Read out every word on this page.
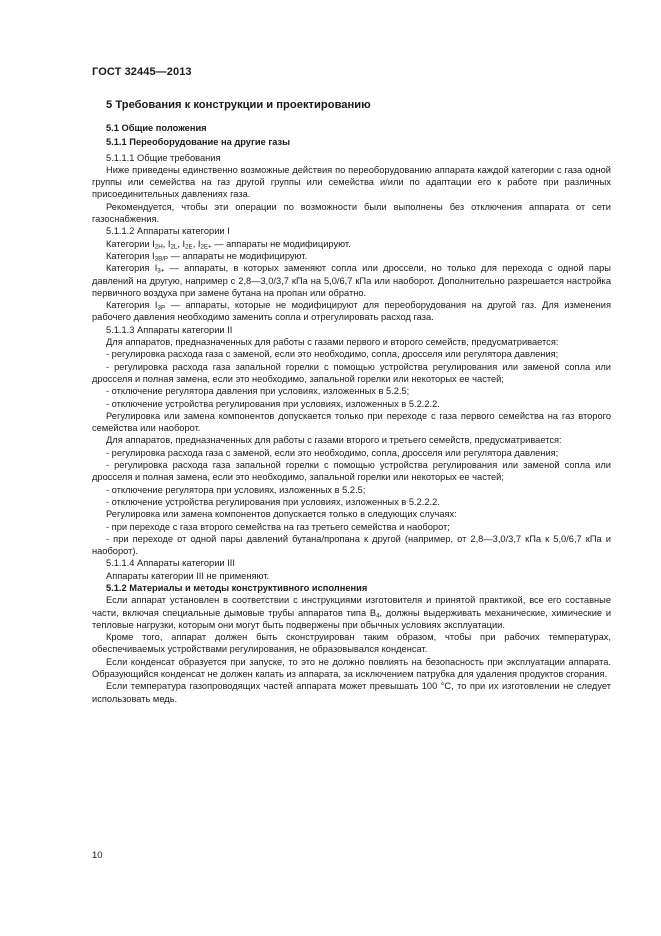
ГОСТ 32445—2013

5 Требования к конструкции и проектированию

5.1 Общие положения

5.1.1 Переоборудование на другие газы

5.1.1.1 Общие требования

Ниже приведены единственно возможные действия по переоборудованию аппарата каждой категории с газа одной группы или семейства на газ другой группы или семейства и/или по адаптации его к работе при различных присоединительных давлениях газа.

Рекомендуется, чтобы эти операции по возможности были выполнены без отключения аппарата от сети газоснабжения.

5.1.1.2 Аппараты категории I

Категории $I_{2H}$, $I_{2L}$, $I_{2E}$, $I_{2E+}$ — аппараты не модифицируют.

Категория $I_{3B/P}$ — аппараты не модифицируют.

Категория $I_{3+}$ — аппараты, в которых заменяют сопла или дроссели, но только для перехода с одной пары давлений на другую, например с 2,8—3,0/3,7 кПа на 5,0/6,7 кПа или наоборот. Дополнительно разрешается настройка первичного воздуха при замене бутана на пропан или обратно.

Категория $I_{3P}$ — аппараты, которые не модифицируют для переоборудования на другой газ. Для изменения рабочего давления необходимо заменить сопла и отрегулировать расход газа.

5.1.1.3 Аппараты категории II

Для аппаратов, предназначенных для работы с газами первого и второго семейств, предусматривается:

- регулировка расхода газа с заменой, если это необходимо, сопла, дросселя или регулятора давления;

- регулировка расхода газа запальной горелки с помощью устройства регулирования или заменой сопла или дросселя и полная замена, если это необходимо, запальной горелки или некоторых ее частей;

- отключение регулятора давления при условиях, изложенных в 5.2.5;

- отключение устройства регулирования при условиях, изложенных в 5.2.2.2.

Регулировка или замена компонентов допускается только при переходе с газа первого семейства на газ второго семейства или наоборот.

Для аппаратов, предназначенных для работы с газами второго и третьего семейств, предусматривается:

- регулировка расхода газа с заменой, если это необходимо, сопла, дросселя или регулятора давления;

- регулировка расхода газа запальной горелки с помощью устройства регулирования или заменой сопла или дросселя и полная замена, если это необходимо, запальной горелки или некоторых ее частей;

- отключение регулятора при условиях, изложенных в 5.2.5;

- отключение устройства регулирования при условиях, изложенных в 5.2.2.2.

Регулировка или замена компонентов допускается только в следующих случаях:

- при переходе с газа второго семейства на газ третьего семейства и наоборот;

- при переходе от одной пары давлений бутана/пропана к другой (например, от 2,8—3,0/3,7 кПа к 5,0/6,7 кПа и наоборот).

5.1.1.4 Аппараты категории III

Аппараты категории III не применяют.

5.1.2 Материалы и методы конструктивного исполнения

Если аппарат установлен в соответствии с инструкциями изготовителя и принятой практикой, все его составные части, включая специальные дымовые трубы аппаратов типа $B_4$, должны выдерживать механические, химические и тепловые нагрузки, которым они могут быть подвержены при обычных условиях эксплуатации.

Кроме того, аппарат должен быть сконструирован таким образом, чтобы при рабочих температурах, обеспечиваемых устройствами регулирования, не образовывался конденсат.

Если конденсат образуется при запуске, то это не должно повлиять на безопасность при эксплуатации аппарата. Образующийся конденсат не должен капать из аппарата, за исключением патрубка для удаления продуктов сгорания.

Если температура газопроводящих частей аппарата может превышать 100 °С, то при их изготовлении не следует использовать медь.

10
